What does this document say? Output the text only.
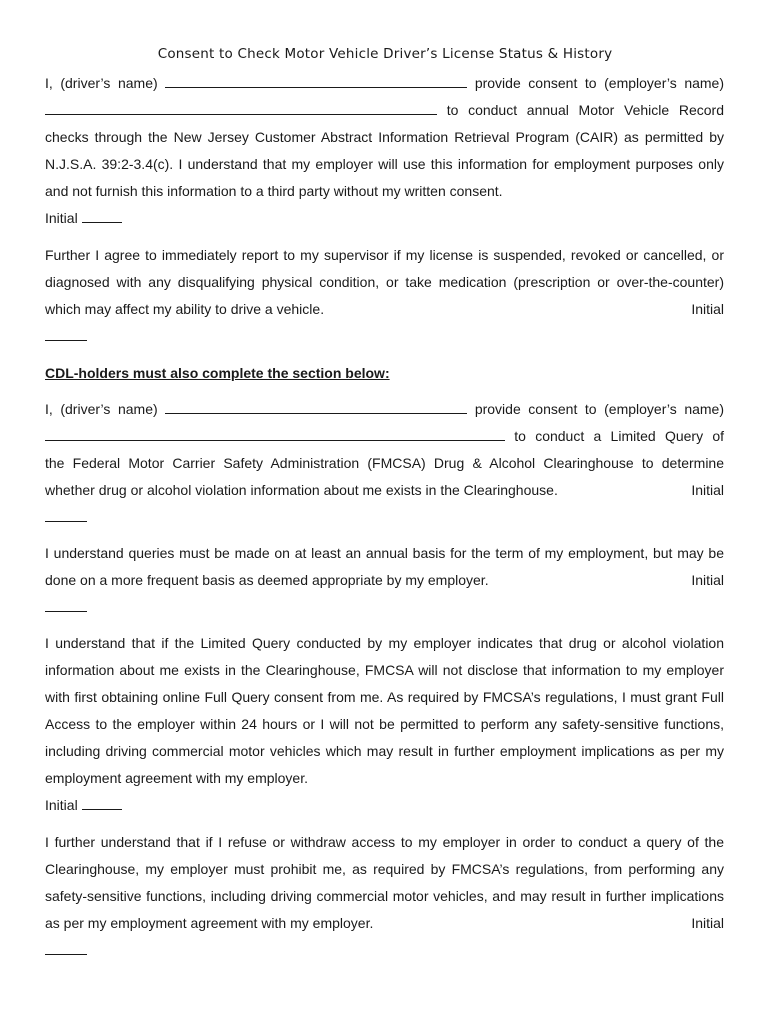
Consent to Check Motor Vehicle Driver’s License Status & History
I, (driver’s name)	provide consent to (employer’s name)
to conduct annual Motor Vehicle Record
checks through the New Jersey Customer Abstract Information Retrieval Program (CAIR) as permitted by N.J.S.A. 39:2-3.4(c). I understand that my employer will use this information for employment purposes only and not furnish this information to a third party without my written consent.
Initial
Further I agree to immediately report to my supervisor if my license is suspended, revoked or cancelled, or diagnosed with any disqualifying physical condition, or take medication (prescription or over-the-counter) which may affect my ability to drive a vehicle.	Initial
CDL-holders must also complete the section below:
I, (driver’s name)	provide consent to (employer’s name)
to conduct a Limited Query of
the Federal Motor Carrier Safety Administration (FMCSA) Drug & Alcohol Clearinghouse to determine whether drug or alcohol violation information about me exists in the Clearinghouse.	Initial
I understand queries must be made on at least an annual basis for the term of my employment, but may be done on a more frequent basis as deemed appropriate by my employer.	Initial
I understand that if the Limited Query conducted by my employer indicates that drug or alcohol violation information about me exists in the Clearinghouse, FMCSA will not disclose that information to my employer with first obtaining online Full Query consent from me. As required by FMCSA’s regulations, I must grant Full Access to the employer within 24 hours or I will not be permitted to perform any safety-sensitive functions, including driving commercial motor vehicles which may result in further employment implications as per my employment agreement with my employer.
Initial
I further understand that if I refuse or withdraw access to my employer in order to conduct a query of the Clearinghouse, my employer must prohibit me, as required by FMCSA’s regulations, from performing any safety-sensitive functions, including driving commercial motor vehicles, and may result in further implications as per my employment agreement with my employer.	Initial
